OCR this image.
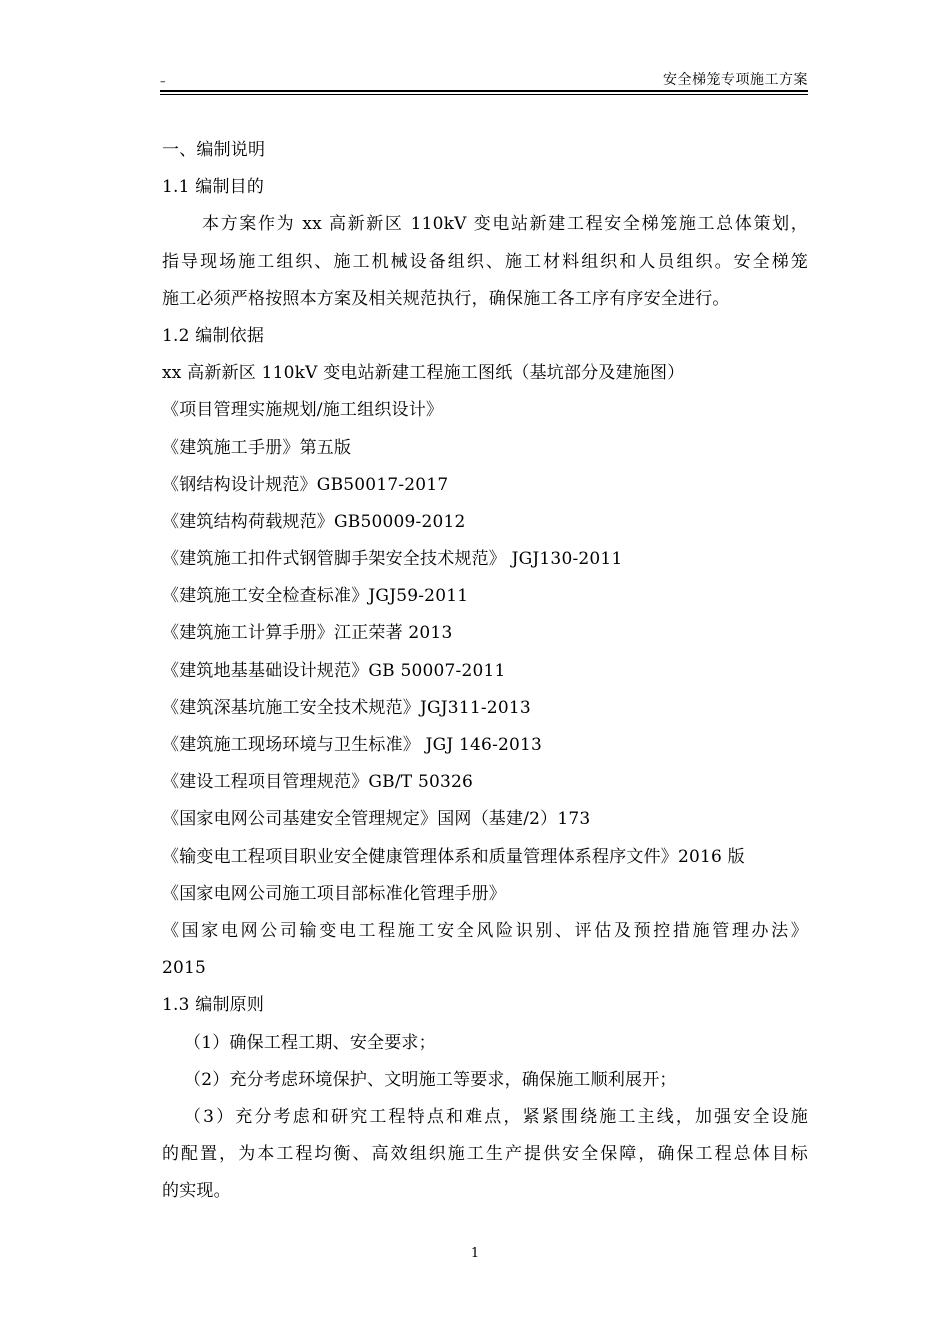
–	安全梯笼专项施工方案
一、编制说明
1.1 编制目的
本方案作为 xx 高新新区 110kV 变电站新建工程安全梯笼施工总体策划，
指导现场施工组织、施工机械设备组织、施工材料组织和人员组织。安全梯笼
施工必须严格按照本方案及相关规范执行，确保施工各工序有序安全进行。
1.2 编制依据
xx 高新新区 110kV 变电站新建工程施工图纸（基坑部分及建施图）
《项目管理实施规划/施工组织设计》
《建筑施工手册》第五版
《钢结构设计规范》GB50017-2017
《建筑结构荷载规范》GB50009-2012
《建筑施工扣件式钢管脚手架安全技术规范》 JGJ130-2011
《建筑施工安全检查标准》JGJ59-2011
《建筑施工计算手册》江正荣著 2013
《建筑地基基础设计规范》GB 50007-2011
《建筑深基坑施工安全技术规范》JGJ311-2013
《建筑施工现场环境与卫生标准》 JGJ 146-2013
《建设工程项目管理规范》GB/T 50326
《国家电网公司基建安全管理规定》国网（基建/2）173
《输变电工程项目职业安全健康管理体系和质量管理体系程序文件》2016 版
《国家电网公司施工项目部标准化管理手册》
《国家电网公司输变电工程施工安全风险识别、评估及预控措施管理办法》
2015
1.3 编制原则
（1）确保工程工期、安全要求；
（2）充分考虑环境保护、文明施工等要求，确保施工顺利展开；
（3）充分考虑和研究工程特点和难点，紧紧围绕施工主线，加强安全设施
的配置，为本工程均衡、高效组织施工生产提供安全保障，确保工程总体目标
的实现。
1
